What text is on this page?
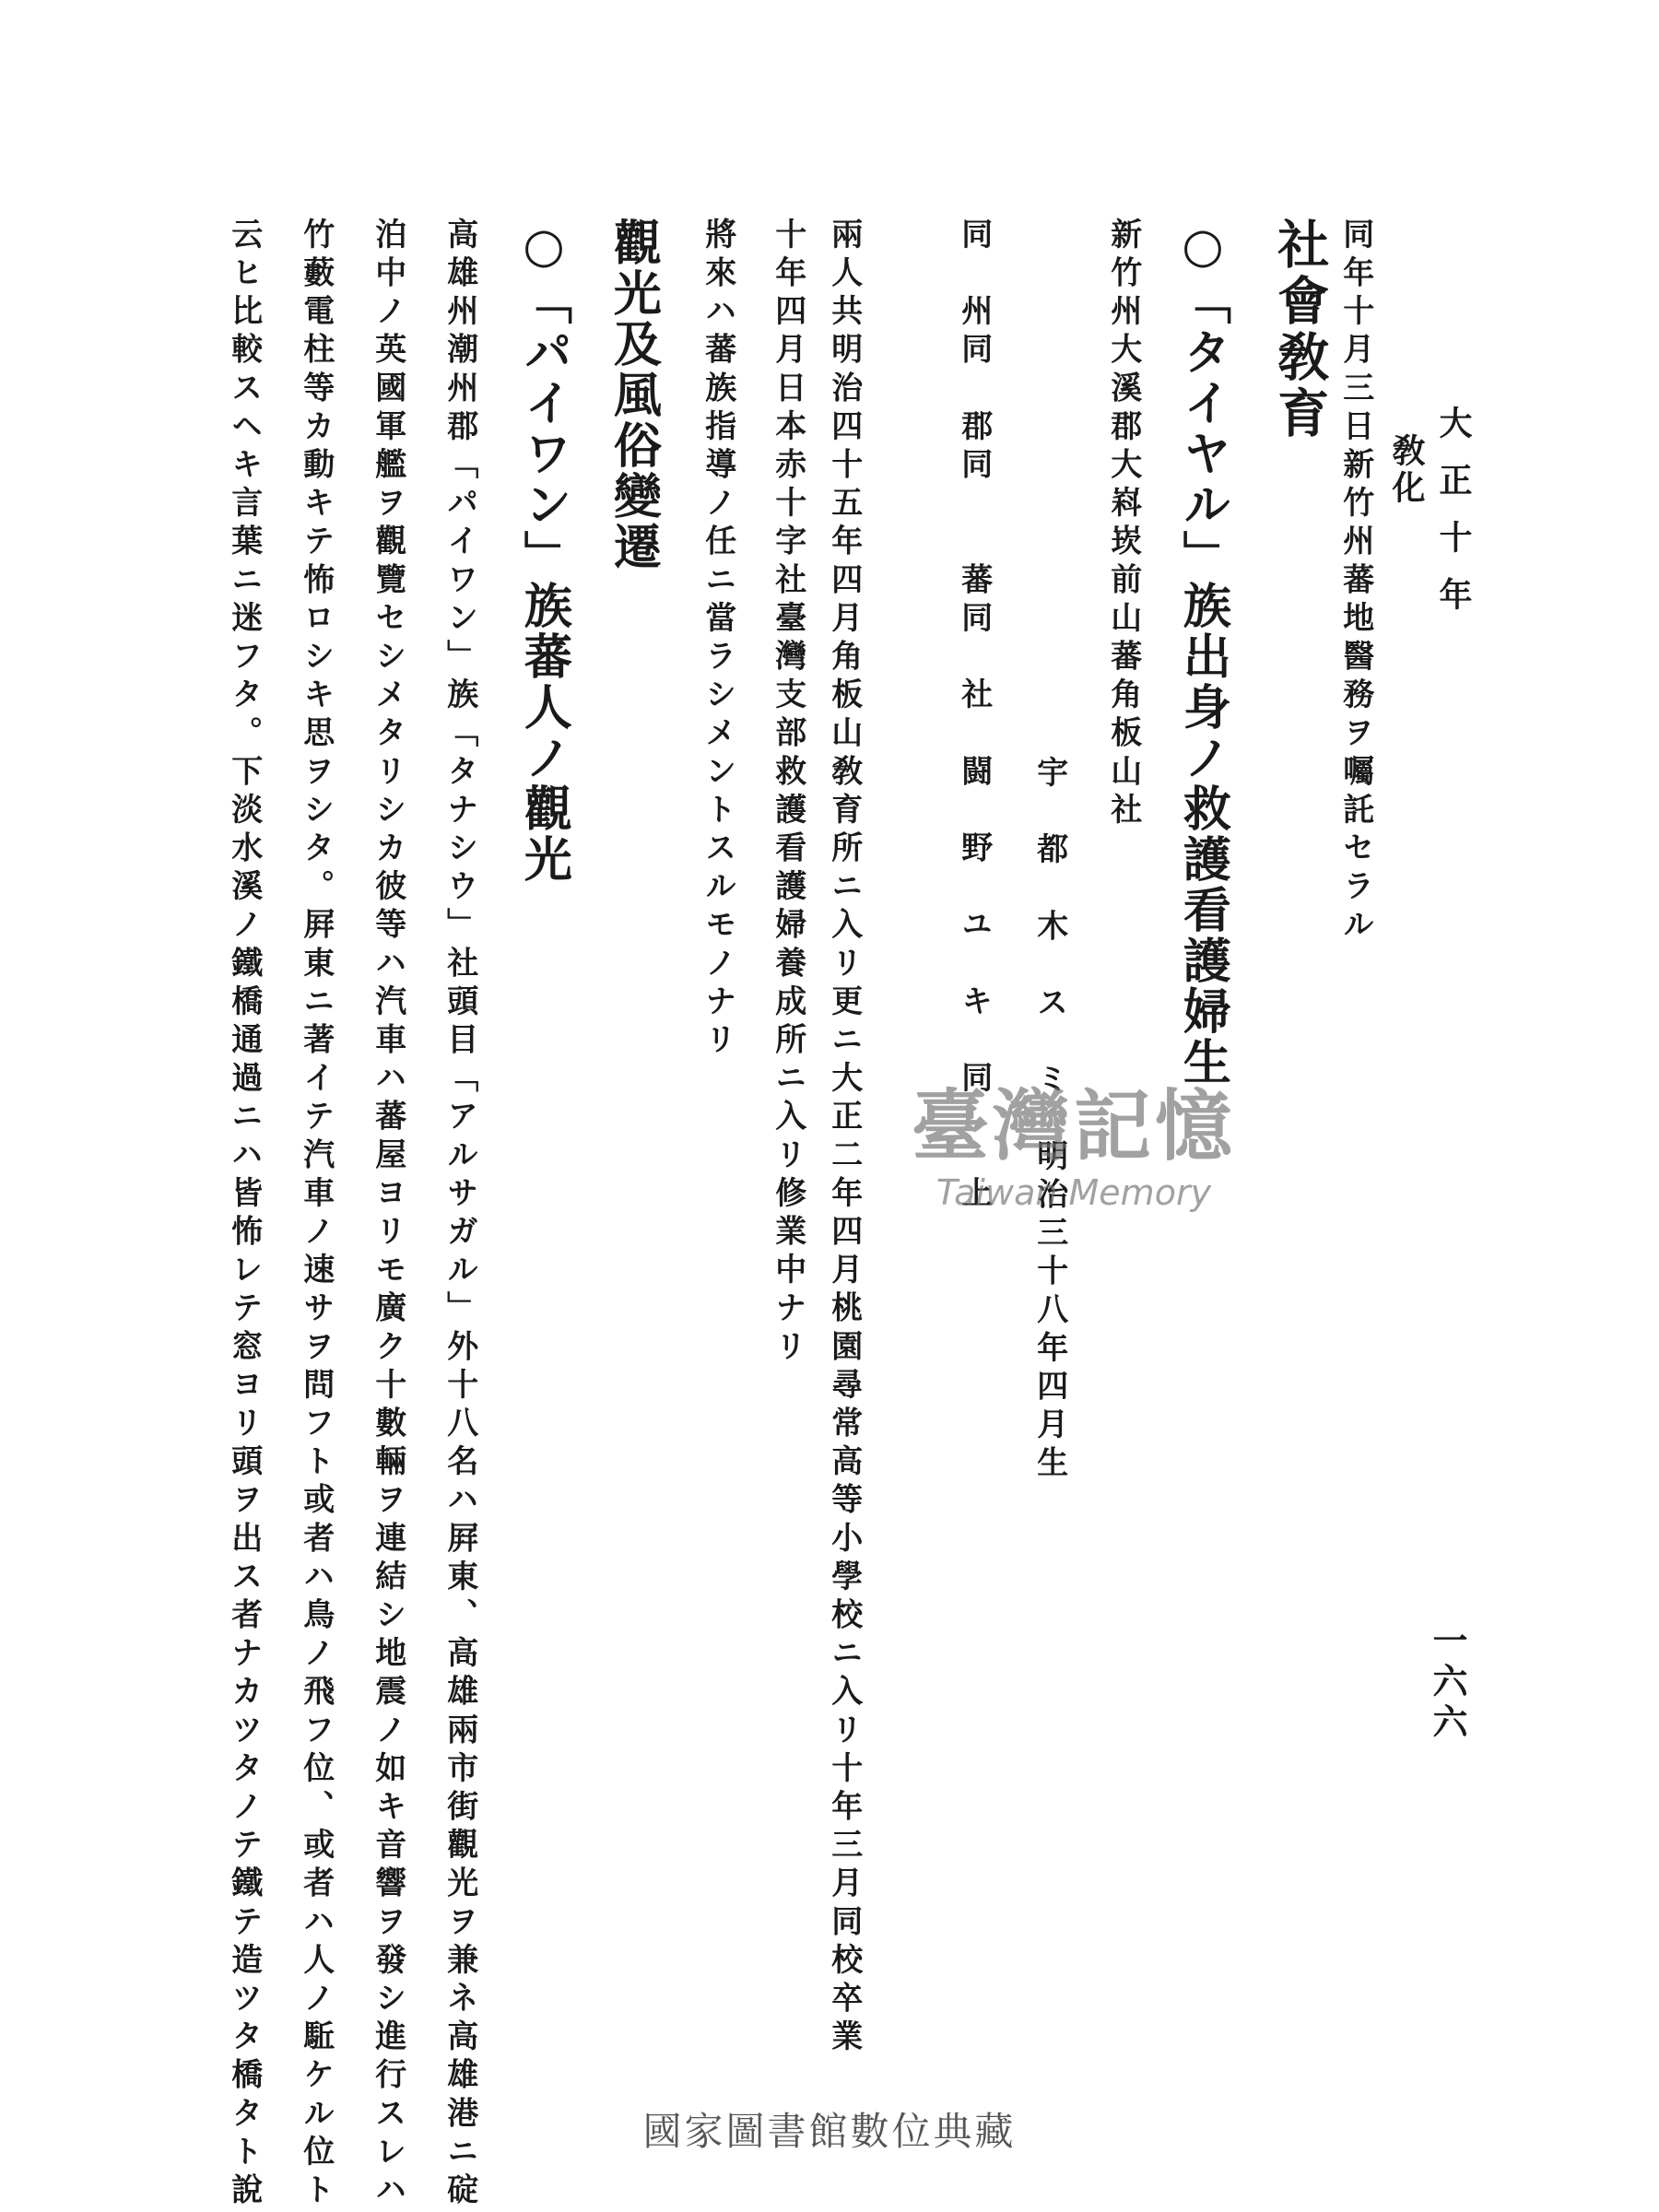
大正十年
敎化
一六六
同年十月三日新竹州蕃地醫務ヲ囑託セラル
社會敎育
○「タイヤル」族出身ノ救護看護婦生
新竹州大溪郡大嵙崁前山蕃角板山社
宇　都　木　ス　ミ　明治三十八年四月生
同　州同　郡同　　蕃同　社　闘　野　ユ　キ　同　　上
兩人共明治四十五年四月角板山敎育所ニ入リ更ニ大正二年四月桃園尋常高等小學校ニ入リ十年三月同校卒業
十年四月日本赤十字社臺灣支部救護看護婦養成所ニ入リ修業中ナリ
將來ハ蕃族指導ノ任ニ當ラシメントスルモノナリ
觀光及風俗變遷
○「パイワン」族蕃人ノ觀光
高雄州潮州郡「パイワン」族「タナシウ」社頭目「アルサガル」外十八名ハ屛東、高雄兩市街觀光ヲ兼ネ高雄港ニ碇
泊中ノ英國軍艦ヲ觀覽セシメタリシカ彼等ハ汽車ハ蕃屋ヨリモ廣ク十數輛ヲ連結シ地震ノ如キ音響ヲ發シ進行スレハ
竹藪電柱等カ動キテ怖ロシキ思ヲシタ。屛東ニ著イテ汽車ノ速サヲ問フト或者ハ鳥ノ飛フ位、或者ハ人ノ駈ケル位ト
云ヒ比較スヘキ言葉ニ迷フタ。下淡水溪ノ鐵橋通過ニハ皆怖レテ窓ヨリ頭ヲ出ス者ナカツタノテ鐵テ造ツタ橋タト說	臺灣記憶
Taiwan Memory
國家圖書館數位典藏
